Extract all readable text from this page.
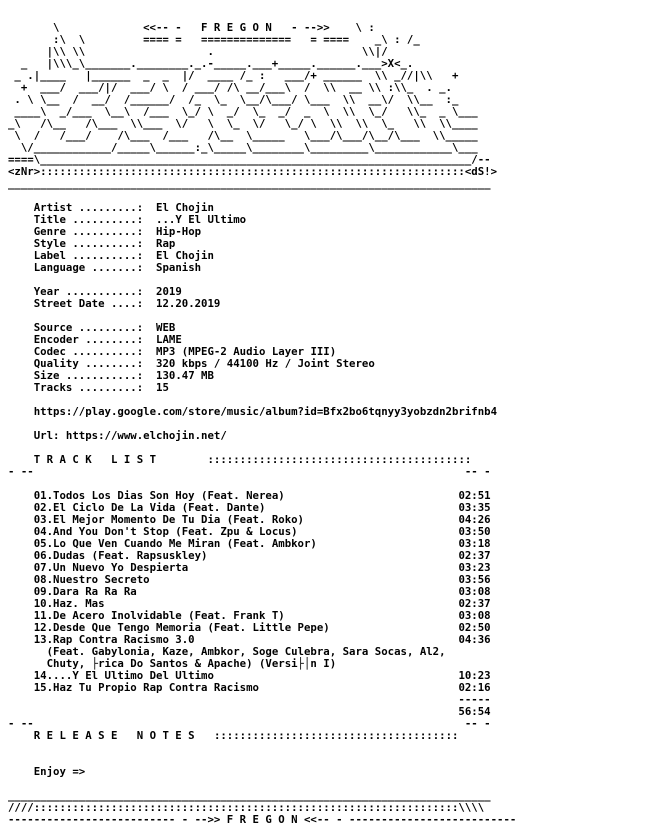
\             <<-- -   F R E G O N   - -->>    \ :
:\  \         ==== =   ==============   = ====    _\ : /_
|\\ \\                   .                       \\|/
_   |\\\_\_______.________._.-_____.___+_____.______.___>X<_.
_ .|____   |______  _  _  |/  ____ /_ :   ___/+ ______  \\ _//|\\   +
+  ___/  ___/|/  ___/ \  / ___/ /\ __/___\  /  \\  __ \\ :\\_  . _.
. \ \__  /  __/  /______/  /_  \_  \__/\___/ \___  \\  __\/  \\__  :_
____\  _/___  \__\  /___  \_/ \  _/  \_  _/  _  \  \\  \_/   \\_  _ \___
_\   /\__   /\___  \\___  \/   \  \_  \/   \_/ \  \\  \\  \_   \\  \\____
\  /   /___/    /\___  /___   /\__  \_____   \___/\___/\__/\___  \\_____
\/____________/_____\______:_\_____\________\_________\____________\___
====\___________________________________________________________________/--
<zNr>::::::::::::::::::::::::::::::::::::::::::::::::::::::::::::::::::<dS!>
___________________________________________________________________________

Artist .........: El Chojin
Title ..........: ...Y El Ultimo
Genre ..........: Hip-Hop
Style ..........: Rap
Label ..........: El Chojin
Language .......: Spanish

Year ...........: 2019
Street Date ....: 12.20.2019

Source .........: WEB
Encoder ........: LAME
Codec ..........: MP3 (MPEG-2 Audio Layer III)
Quality ........: 320 kbps / 44100 Hz / Joint Stereo
Size ...........: 130.47 MB
Tracks .........: 15

https://play.google.com/store/music/album?id=Bfx2bo6tqnyy3yobzdn2brifnb4

Url: https://www.elchojin.net/

T R A C K   L I S T	:::::::::::::::::::::::::::::::::::::::::
- --                                                                   -- -

01.Todos Los Dias Son Hoy (Feat. Nerea)	02:51
02.El Ciclo De La Vida (Feat. Dante)	03:35
03.El Mejor Momento De Tu Dia (Feat. Roko)	04:26
04.And You Don't Stop (Feat. Zpu & Locus)	03:50
05.Lo Que Ven Cuando Me Miran (Feat. Ambkor)	03:18
06.Dudas (Feat. Rapsuskley)	02:37
07.Un Nuevo Yo Despierta	03:23
08.Nuestro Secreto	03:56
09.Dara Ra Ra Ra	03:08
10.Haz. Mas	02:37
11.De Acero Inolvidable (Feat. Frank T)	03:08
12.Desde Que Tengo Memoria (Feat. Little Pepe)	02:50
13.Rap Contra Racismo 3.0	04:36
(Feat. Gabylonia, Kaze, Ambkor, Soge Culebra, Sara Socas, Al2,
Chuty, ├rica Do Santos & Apache) (Versi├│n I)
14....Y El Ultimo Del Ultimo	10:23
15.Haz Tu Propio Rap Contra Racismo	02:16
-----
56:54
- --                                                                   -- -
R E L E A S E   N O T E S ::::::::::::::::::::::::::::::::::::::

Enjoy =>

___________________________________________________________________________
////::::::::::::::::::::::::::::::::::::::::::::::::::::::::::::::::::\\\\
-------------------------- - -->> F R E G O N <<-- - --------------------------
